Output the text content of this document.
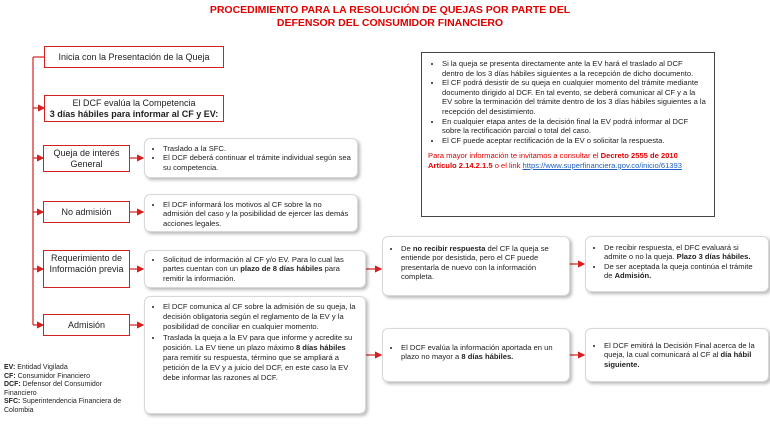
PROCEDIMIENTO PARA LA RESOLUCIÓN DE QUEJAS POR PARTE DEL
DEFENSOR DEL CONSUMIDOR FINANCIERO
Inicia con la Presentación de la Queja
El DCF evalúa la Competencia
3 días hábiles para informar al CF y EV:
Queja de interés General
No admisión
Requerimiento de Información previa
Admisión
• Traslado a la SFC.
• El DCF deberá continuar el trámite individual según sea su competencia.
• El DCF informará los motivos al CF sobre la no admisión del caso y la posibilidad de ejercer las demás acciones legales.
• Solicitud de información al CF y/o EV. Para lo cual las partes cuentan con un plazo de 8 días hábiles para remitir la información.
• El DCF comunica al CF sobre la admisión de su queja, la decisión obligatoria según el reglamento de la EV y la posibilidad de conciliar en cualquier momento.
• Traslada la queja a la EV para que informe y acredite su posición. La EV tiene un plazo máximo 8 días hábiles para remitir su respuesta, término que se ampliará a petición de la EV y a juicio del DCF, en este caso la EV debe informar las razones al DCF.
• De no recibir respuesta del CF la queja se entiende por desistida, pero el CF puede presentarla de nuevo con la información completa.
• El DCF evalúa la información aportada en un plazo no mayor a 8 días hábiles.
• De recibir respuesta, el DFC evaluará si admite o no la queja. Plazo 3 días hábiles.
• De ser aceptada la queja continúa el trámite de Admisión.
• El DCF emitirá la Decisión Final acerca de la queja, la cual comunicará al CF al día hábil siguiente.
• Si la queja se presenta directamente ante la EV hará el traslado al DCF dentro de los 3 días hábiles siguientes a la recepción de dicho documento.
• El CF podrá desistir de su queja en cualquier momento del trámite mediante documento dirigido al DCF. En tal evento, se deberá comunicar al CF y a la EV sobre la terminación del trámite dentro de los 3 días hábiles siguientes a la recepción del desistimiento.
• En cualquier etapa antes de la decisión final la EV podrá informar al DCF sobre la rectificación parcial o total del caso.
• El CF puede aceptar rectificación de la EV o solicitar la respuesta.
Para mayor información te invitamos a consultar el Decreto 2555 de 2010 Artículo 2.14.2.1.5 o el link https://www.superfinanciera.gov.co/inicio/61393
EV: Entidad Vigilada
CF: Consumidor Financiero
DCF: Defensor del Consumidor Financiero
SFC: Superintendencia Financiera de Colombia
